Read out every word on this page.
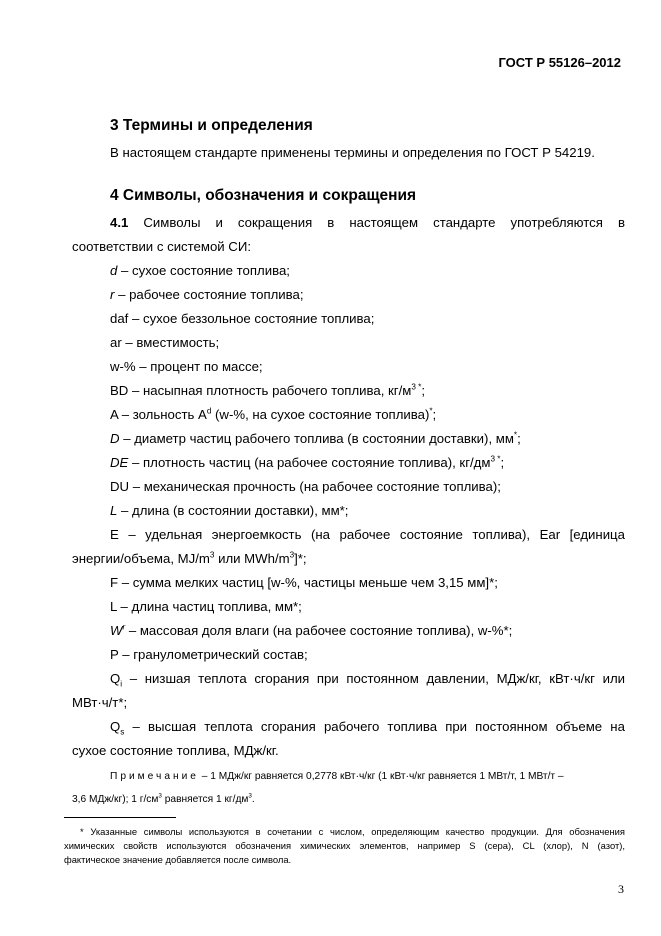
ГОСТ Р 55126–2012
3 Термины и определения
В настоящем стандарте применены термины и определения по ГОСТ Р 54219.
4 Символы, обозначения и сокращения
4.1 Символы и сокращения в настоящем стандарте употребляются в
соответствии с системой СИ:
d – сухое состояние топлива;
r – рабочее состояние топлива;
daf – сухое беззольное состояние топлива;
ar – вместимость;
w-% – процент по массе;
BD – насыпная плотность рабочего топлива, $кг/м^{3 *}$;
A – зольность $A^d$ (w-%, на сухое состояние топлива)*;
D – диаметр частиц рабочего топлива (в состоянии доставки), мм*;
DE – плотность частиц (на рабочее состояние топлива), $кг/дм^{3 *}$;
DU – механическая прочность (на рабочее состояние топлива);
L – длина (в состоянии доставки), мм*;
E – удельная энергоемкость (на рабочее состояние топлива), Ear [единица
энергии/объема, $MJ/m^3$ или MWh/$m^3]*$;
F – сумма мелких частиц [w-%, частицы меньше чем 3,15 мм]*;
L – длина частиц топлива, мм*;
$W^r$ – массовая доля влаги (на рабочее состояние топлива), w-%*;
P – гранулометрический состав;
$Q_i$ – низшая теплота сгорания при постоянном давлении, МДж/кг, кВт·ч/кг или
МВт·ч/т*;
$Q_s$ – высшая теплота сгорания рабочего топлива при постоянном объеме на
сухое состояние топлива, МДж/кг.
Примечание – 1 МДж/кг равняется 0,2778 кВт·ч/кг (1 кВт·ч/кг равняется 1 МВт/т, 1 МВт/т –
3,6 МДж/кг); 1 $г/см^3$ равняется 1 $кг/дм^3$.
* Указанные символы используются в сочетании с числом, определяющим качество продукции. Для обозначения
химических свойств используются обозначения химических элементов, например S (сера), CL (хлор), N (азот),
фактическое значение добавляется после символа.
3
